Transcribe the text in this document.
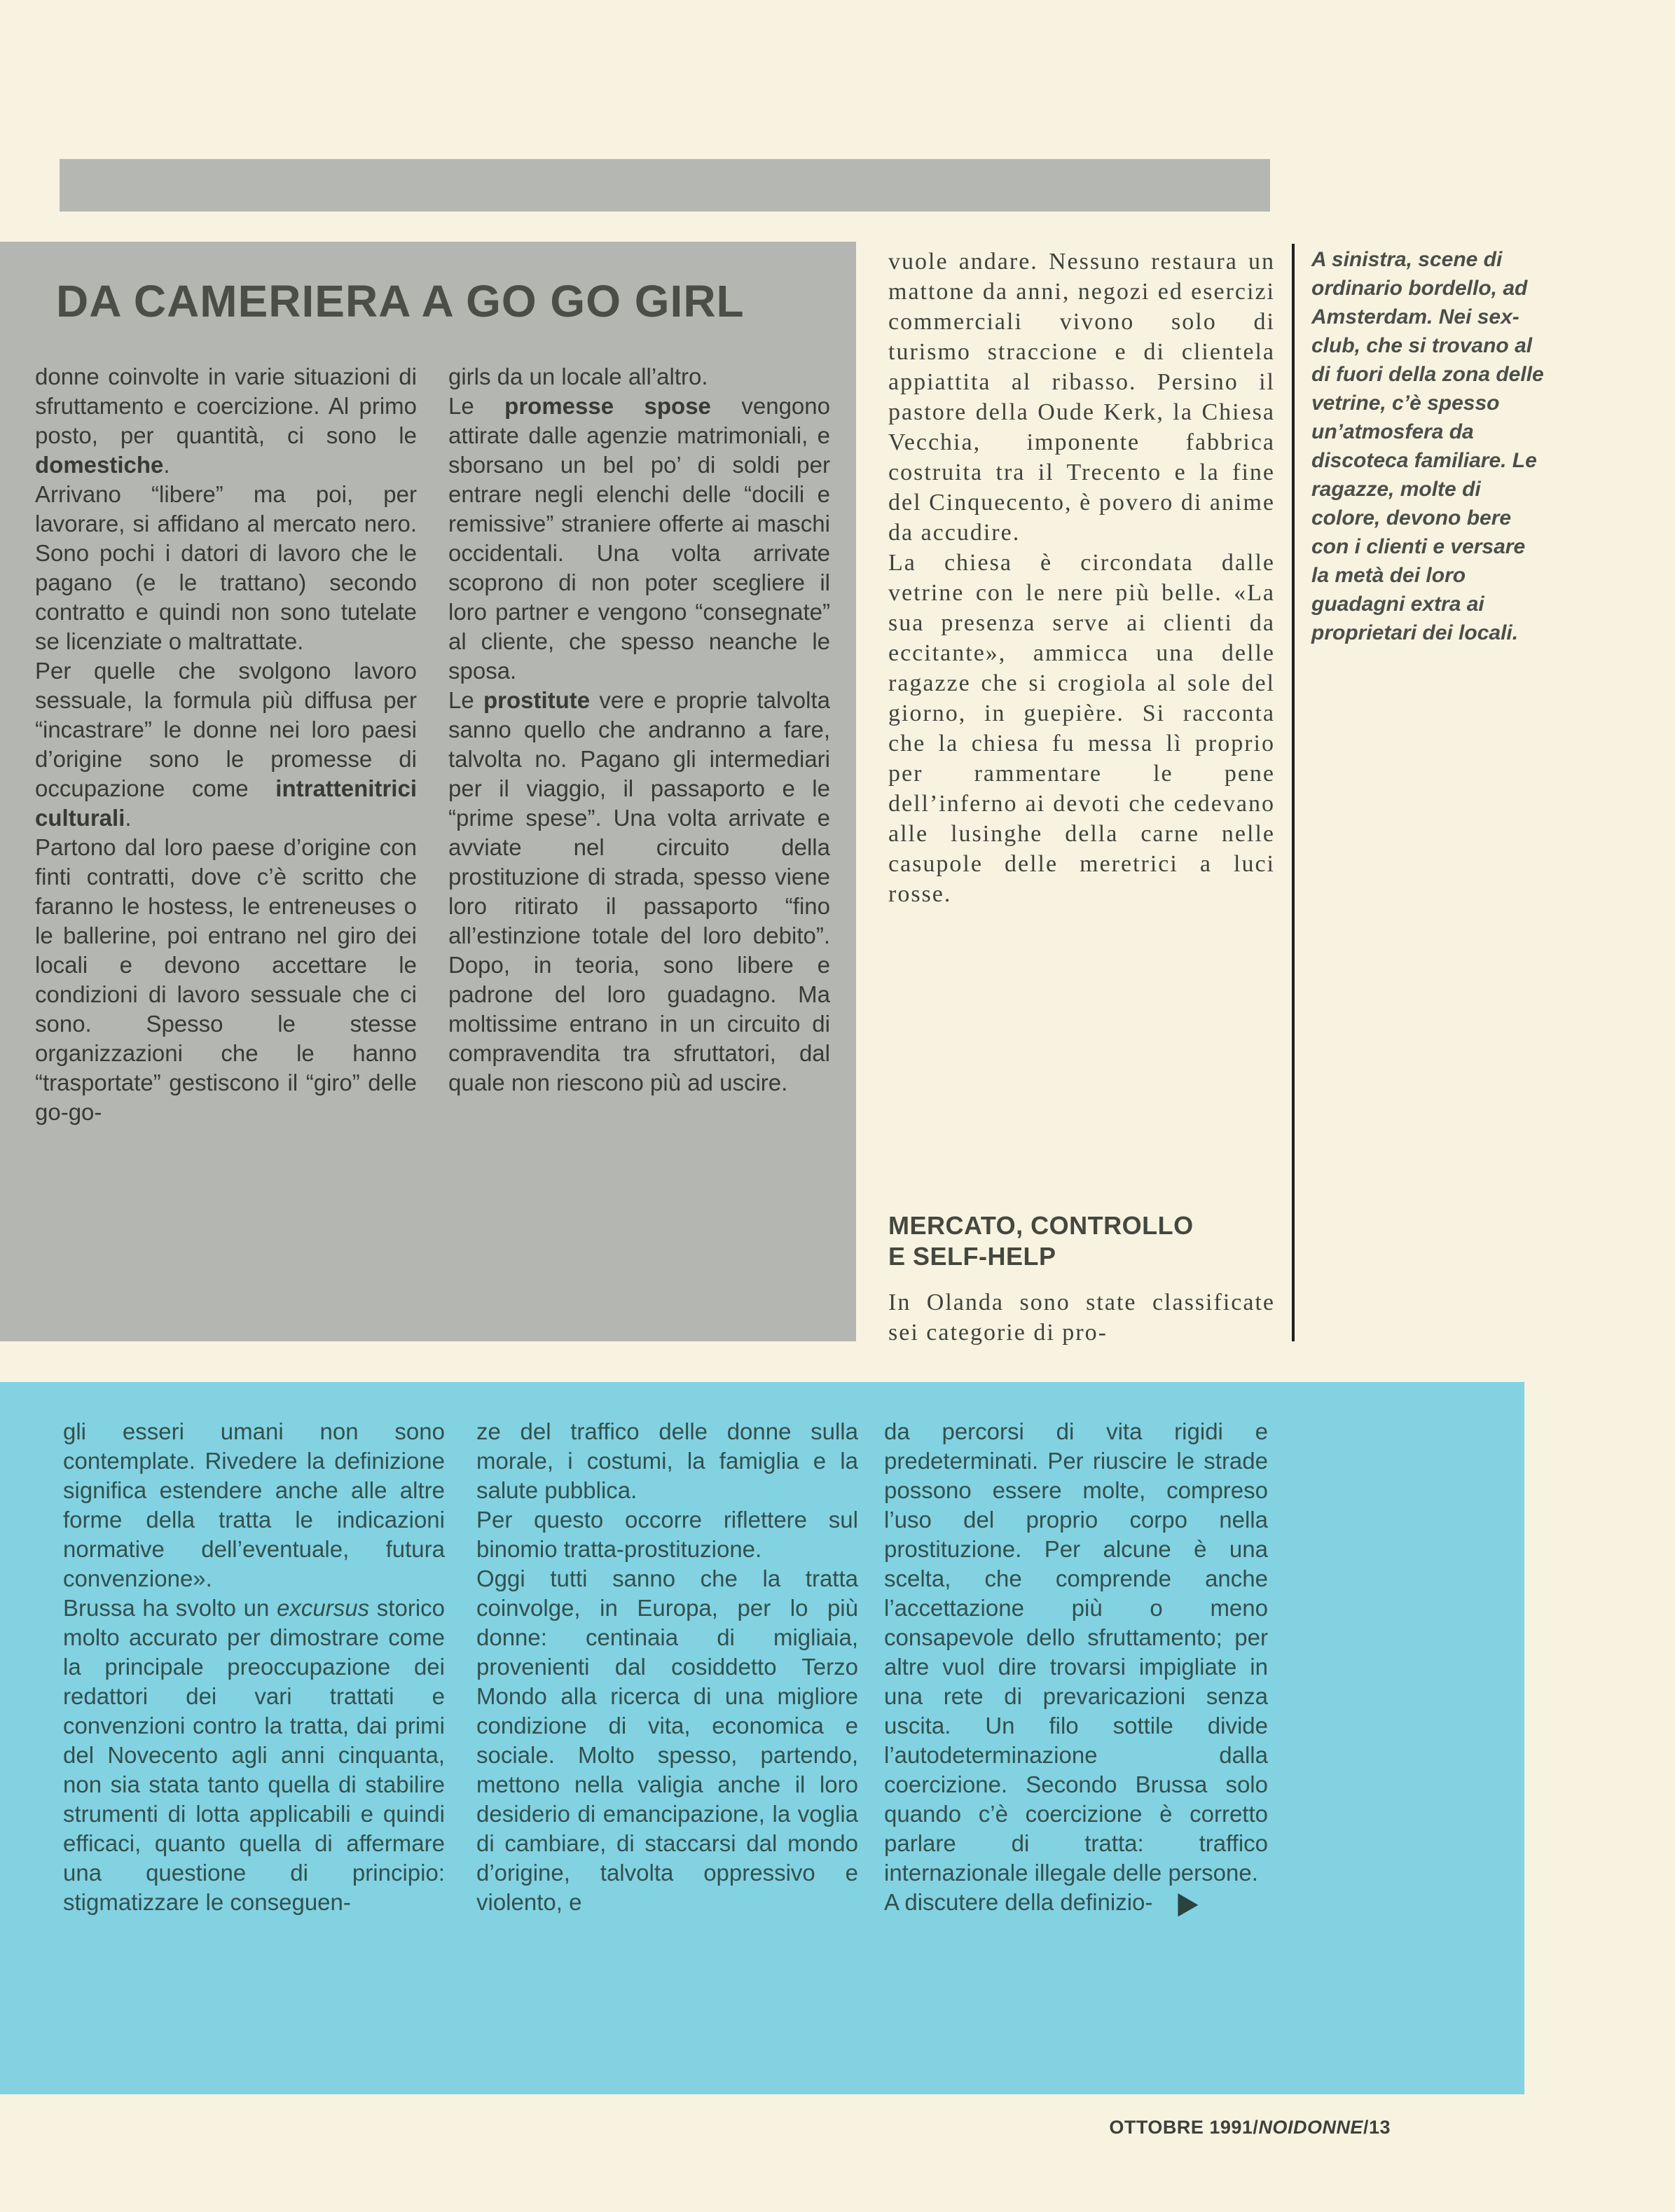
DA CAMERIERA A GO GO GIRL

donne coinvolte in varie situazioni di sfruttamento e coercizione. Al primo posto, per quantità, ci sono le domestiche.

Arrivano “libere” ma poi, per lavorare, si affidano al mercato nero. Sono pochi i datori di lavoro che le pagano (e le trattano) secondo contratto e quindi non sono tutelate se licenziate o maltrattate.

Per quelle che svolgono lavoro sessuale, la formula più diffusa per “incastrare” le donne nei loro paesi d’origine sono le promesse di occupazione come intrattenitrici culturali.

Partono dal loro paese d’origine con finti contratti, dove c’è scritto che faranno le hostess, le entreneuses o le ballerine, poi entrano nel giro dei locali e devono accettare le condizioni di lavoro sessuale che ci sono. Spesso le stesse organizzazioni che le hanno “trasportate” gestiscono il “giro” delle go-go-

girls da un locale all’altro.

Le promesse spose vengono attirate dalle agenzie matrimoniali, e sborsano un bel po’ di soldi per entrare negli elenchi delle “docili e remissive” straniere offerte ai maschi occidentali. Una volta arrivate scoprono di non poter scegliere il loro partner e vengono “consegnate” al cliente, che spesso neanche le sposa.

Le prostitute vere e proprie talvolta sanno quello che andranno a fare, talvolta no. Pagano gli intermediari per il viaggio, il passaporto e le “prime spese”. Una volta arrivate e avviate nel circuito della prostituzione di strada, spesso viene loro ritirato il passaporto “fino all’estinzione totale del loro debito”. Dopo, in teoria, sono libere e padrone del loro guadagno. Ma moltissime entrano in un circuito di compravendita tra sfruttatori, dal quale non riescono più ad uscire.

vuole andare. Nessuno restaura un mattone da anni, negozi ed esercizi commerciali vivono solo di turismo straccione e di clientela appiattita al ribasso. Persino il pastore della Oude Kerk, la Chiesa Vecchia, imponente fabbrica costruita tra il Trecento e la fine del Cinquecento, è povero di anime da accudire.

La chiesa è circondata dalle vetrine con le nere più belle. «La sua presenza serve ai clienti da eccitante», ammicca una delle ragazze che si crogiola al sole del giorno, in guepière. Si racconta che la chiesa fu messa lì proprio per rammentare le pene dell’inferno ai devoti che cedevano alle lusinghe della carne nelle casupole delle meretrici a luci rosse.

MERCATO, CONTROLLO
E SELF-HELP

In Olanda sono state classificate sei categorie di pro-

A sinistra, scene di ordinario bordello, ad Amsterdam. Nei sex-club, che si trovano al di fuori della zona delle vetrine, c’è spesso un’atmosfera da discoteca familiare. Le ragazze, molte di colore, devono bere con i clienti e versare la metà dei loro guadagni extra ai proprietari dei locali.

gli esseri umani non sono contemplate. Rivedere la definizione significa estendere anche alle altre forme della tratta le indicazioni normative dell’eventuale, futura convenzione».

Brussa ha svolto un excursus storico molto accurato per dimostrare come la principale preoccupazione dei redattori dei vari trattati e convenzioni contro la tratta, dai primi del Novecento agli anni cinquanta, non sia stata tanto quella di stabilire strumenti di lotta applicabili e quindi efficaci, quanto quella di affermare una questione di principio: stigmatizzare le conseguen-

ze del traffico delle donne sulla morale, i costumi, la famiglia e la salute pubblica.

Per questo occorre riflettere sul binomio tratta-prostituzione.

Oggi tutti sanno che la tratta coinvolge, in Europa, per lo più donne: centinaia di migliaia, provenienti dal cosiddetto Terzo Mondo alla ricerca di una migliore condizione di vita, economica e sociale. Molto spesso, partendo, mettono nella valigia anche il loro desiderio di emancipazione, la voglia di cambiare, di staccarsi dal mondo d’origine, talvolta oppressivo e violento, e

da percorsi di vita rigidi e predeterminati. Per riuscire le strade possono essere molte, compreso l’uso del proprio corpo nella prostituzione. Per alcune è una scelta, che comprende anche l’accettazione più o meno consapevole dello sfruttamento; per altre vuol dire trovarsi impigliate in una rete di prevaricazioni senza uscita. Un filo sottile divide l’autodeterminazione dalla coercizione. Secondo Brussa solo quando c’è coercizione è corretto parlare di tratta: traffico internazionale illegale delle persone.

A discutere della definizio- ▶

OTTOBRE 1991/NOIDONNE/13
